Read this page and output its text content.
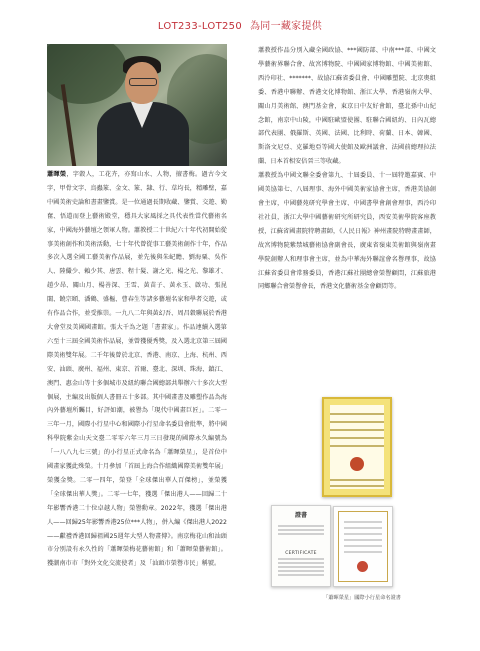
LOT233-LOT250 為同一藏家提供

蕭暉榮，字穀人，工花卉，亦寫山水、人物，擅書梅。過古今文字，甲骨文字、鳥蟲篆、金文、篆、隸、行、草均長，精雕壁，嘉中國美術史論和書畫鑒賞。是一位通過長期收藏、鑒賞、交遊、勤奮、悟道而登上藝術殿堂，穩具大家風採之具代表性當代藝術名家，中國海外藝壇之領軍人物。蕭教授二十世紀六十年代初開始從事美術創作和美術活動，七十年代曾從事工藝美術創作十年，作品多次入選全國工藝美術作品展，並先後與朱屺瞻、劉海粟、吳作人、陸儼少、賴少其、唐雲、程十髮、謝之光、楊之光、黎雄才、趙少昂、關山月、楊善深、王雪、黃苗子、黃永玉、啟功、張昆闍、饒宗頤、潘鶴、盛樞、曹春生等諸多藝壇名家和學者交遊，或有作品合作，並受推崇。一九八二年與黃幻吾、周昌穀聯展於香港大會堂及美國國畫館。張大千為之題「書畫家」。作品連續入選第六至十三屆全國美術作品展，並曾獲優秀獎，及入選北京第三屆國際美術雙年展。二千年後曾於北京、香港、南京、上海、杭州、西安、汕頭、廣州、福州、東京、首爾、臺北、深圳、珠海、鎮江、澳門、惠金山等十多個城市及紐約聯合國總部共舉辦六十多次大型個展，主編及出版個人書冊五十多部。其中國畫書及雕塑作品為海內外藝壇所矚目，好評如潮，被譽為「現代中國畫巨匠」。二零一三年一月，國際小行星中心和國際小行星命名委員會批準，將中國科學院紫金山天文臺二零零六年三月三日發現的國際永久編號為「一八八九七三號」的小行星正式命名為「蕭暉榮星」，是首位中國畫家獲此殊榮。十月參加「首屆上海合作組織國際美術雙年展」榮獲金獎。二零一四年，榮登「全球傑出華人百傑榜」，並榮獲「全球傑出華人獎」。二零一七年，獲選「傑出港人——回歸二十年影響香港二十位卓越人物」榮譽勳章。2022年，獲選「傑出港人——回歸25年影響香港25位***人物」，併入編《傑出港人2022——獻禮香港回歸祖國25週年大型人物畫傳》。南京梅花山和汕頭市分別設有永久性的「蕭暉榮梅花藝術館」和「蕭暉榮藝術館」。獲潮南市市「對外文化交流使者」及「汕頭市榮譽市民」稱號。

蕭教授作品分別入藏全國政協、***國防部、中南***部、中國文學藝術界聯合會、故宮博物院、中國國家博物館、中國美術館、西泠印社、*******、故協江蘇省委員會、中國雕塑院、北京奧組委、香港中聯辦、香港文化博物館、浙江大學、香港嶺南大學、關山月美術館、澳門基金會，東京日中友好會館，臺北孫中山紀念館，南京中山陵，中國駐歐盟使團、駐聯合國紐約、日內瓦總部代表團、俄羅斯、英國、法國、比利時、荷蘭、日本、韓國、斯洛文尼亞、克羅地亞等國大使館及歐洲議會、法國前總理拉法蘭、日本首相安倍晉三等收藏。

蕭教授為中國文聯全委會第九、十屆委員、十一屆特邀嘉賓、中國美協第七、八屆理事、海外中國美術家協會主席，香港美協創會主席，中國藝苑研究學會主席、中國書學會創會理事，西泠印社社員，浙江大學中國藝術研究所研究員，西安美術學院客座教授，江蘇省國畫院特聘畫師，《人民日報》神州畫院特聘畫畫師，故宮博物院紫禁城藝術協會副會長，廣東省嶺東美術館與嶺南畫學院創辦人和理事會主席，並為中華海外聯誼會名譽理事，故協江蘇省委員會常務委員，香港江蘇社團總會榮譽顧問，江蘇旅港同鄉聯合會榮譽會長，香港文化藝術基金會顧問等。

證書
CERTIFICATE
「蕭暉榮星」國際小行星命名證書
